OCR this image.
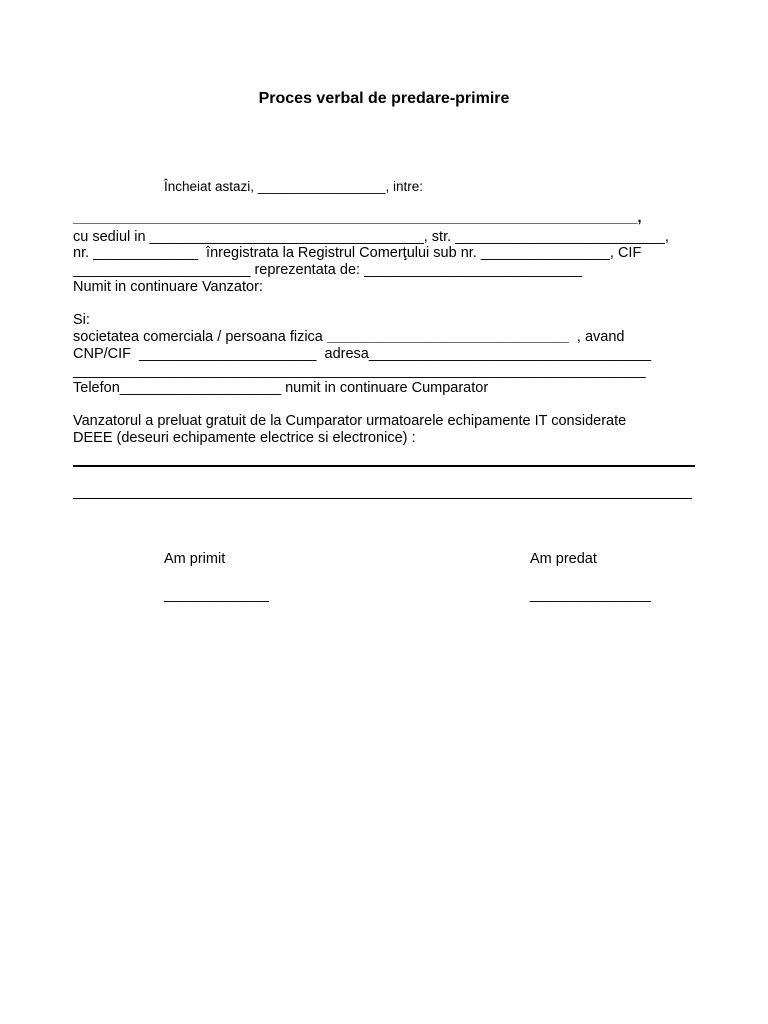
Proces verbal de predare-primire
Încheiat astazi, _________________, intre:
______________________________________________________________________,
cu sediul in __________________________________, str. __________________________,
nr. _____________  înregistrata la Registrul Comerţului sub nr. ________________, CIF
______________________ reprezentata de: ___________________________
Numit in continuare Vanzator:
Si:
societatea comerciala / persoana fizica ______________________________  , avand
CNP/CIF  ______________________  adresa___________________________________
_______________________________________________________________________
Telefon____________________ numit in continuare Cumparator
Vanzatorul a preluat gratuit de la Cumparator urmatoarele echipamente IT considerate
DEEE (deseuri echipamente electrice si electronice) :
Am primit
_____________
Am predat
_______________
